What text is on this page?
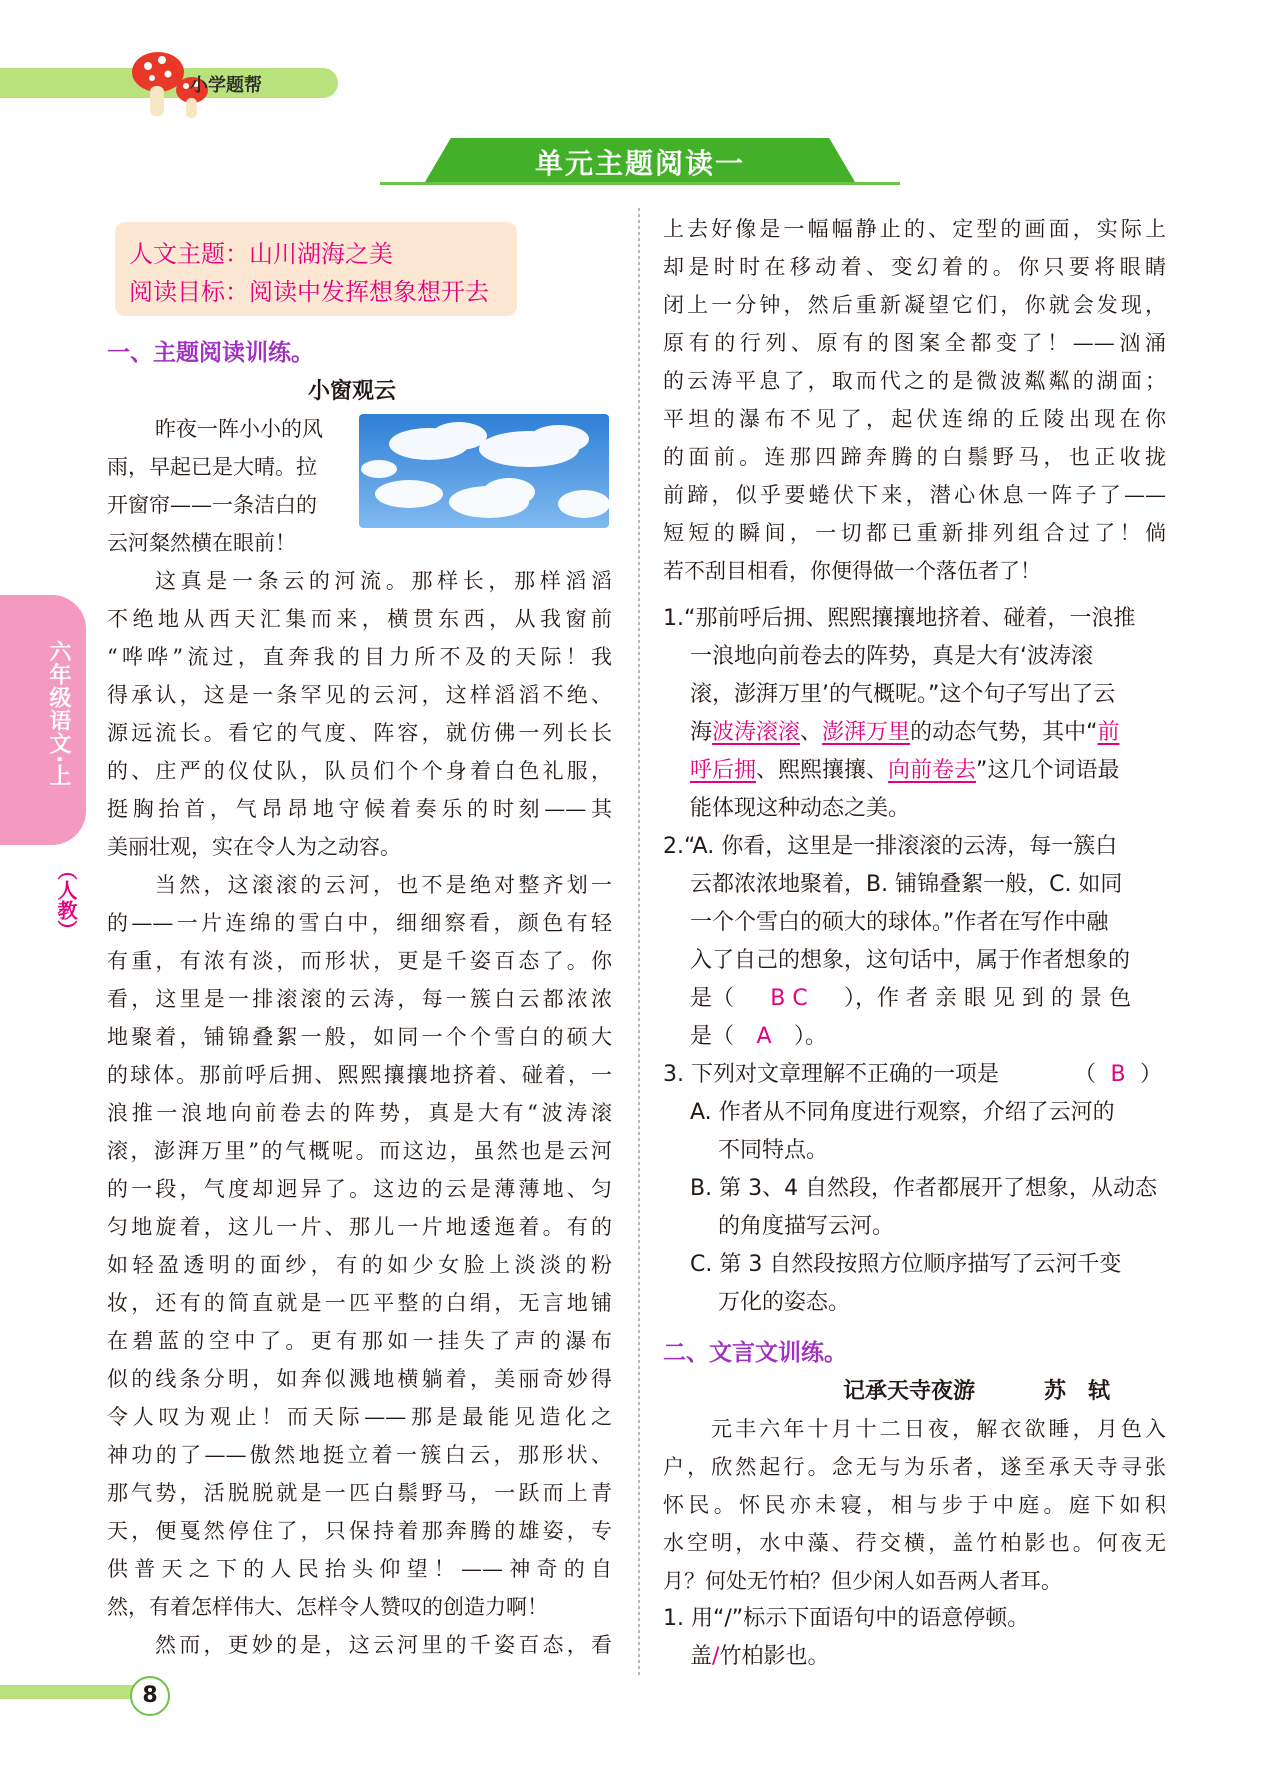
小学题帮
单元主题阅读一
六年级语文·上
（人教）
人文主题：山川湖海之美
阅读目标：阅读中发挥想象想开去
一、主题阅读训练。
小窗观云
昨夜一阵小小的风
雨，早起已是大晴。拉
开窗帘——一条洁白的
云河粲然横在眼前！
这真是一条云的河流。那样长，那样滔滔
不绝地从西天汇集而来，横贯东西，从我窗前
“哗哗”流过，直奔我的目力所不及的天际！我
得承认，这是一条罕见的云河，这样滔滔不绝、
源远流长。看它的气度、阵容，就仿佛一列长长
的、庄严的仪仗队，队员们个个身着白色礼服，
挺胸抬首，气昂昂地守候着奏乐的时刻——其
美丽壮观，实在令人为之动容。
当然，这滚滚的云河，也不是绝对整齐划一
的——一片连绵的雪白中，细细察看，颜色有轻
有重，有浓有淡，而形状，更是千姿百态了。你
看，这里是一排滚滚的云涛，每一簇白云都浓浓
地聚着，铺锦叠絮一般，如同一个个雪白的硕大
的球体。那前呼后拥、熙熙攘攘地挤着、碰着，一
浪推一浪地向前卷去的阵势，真是大有“波涛滚
滚，澎湃万里”的气概呢。而这边，虽然也是云河
的一段，气度却迥异了。这边的云是薄薄地、匀
匀地旋着，这儿一片、那儿一片地逶迤着。有的
如轻盈透明的面纱，有的如少女脸上淡淡的粉
妆，还有的简直就是一匹平整的白绢，无言地铺
在碧蓝的空中了。更有那如一挂失了声的瀑布
似的线条分明，如奔似溅地横躺着，美丽奇妙得
令人叹为观止！而天际——那是最能见造化之
神功的了——傲然地挺立着一簇白云，那形状、
那气势，活脱脱就是一匹白鬃野马，一跃而上青
天，便戛然停住了，只保持着那奔腾的雄姿，专
供普天之下的人民抬头仰望！——神奇的自
然，有着怎样伟大、怎样令人赞叹的创造力啊！
然而，更妙的是，这云河里的千姿百态，看
上去好像是一幅幅静止的、定型的画面，实际上
却是时时在移动着、变幻着的。你只要将眼睛
闭上一分钟，然后重新凝望它们，你就会发现，
原有的行列、原有的图案全都变了！——汹涌
的云涛平息了，取而代之的是微波粼粼的湖面；
平坦的瀑布不见了，起伏连绵的丘陵出现在你
的面前。连那四蹄奔腾的白鬃野马，也正收拢
前蹄，似乎要蜷伏下来，潜心休息一阵子了——
短短的瞬间，一切都已重新排列组合过了！倘
若不刮目相看，你便得做一个落伍者了！
1.“那前呼后拥、熙熙攘攘地挤着、碰着，一浪推
一浪地向前卷去的阵势，真是大有‘波涛滚
滚，澎湃万里’的气概呢。”这个句子写出了云
海波涛滚滚、澎湃万里的动态气势，其中“前
呼后拥、熙熙攘攘、向前卷去”这几个词语最
能体现这种动态之美。
2.“A. 你看，这里是一排滚滚的云涛，每一簇白
云都浓浓地聚着，B. 铺锦叠絮一般，C. 如同
一个个雪白的硕大的球体。”作者在写作中融
入了自己的想象，这句话中，属于作者想象的
是（ B C ），作 者 亲 眼 见 到 的 景 色
是（ A ）。
3. 下列对文章理解不正确的一项是	（ B ）
A. 作者从不同角度进行观察，介绍了云河的
不同特点。
B. 第 3、4 自然段，作者都展开了想象，从动态
的角度描写云河。
C. 第 3 自然段按照方位顺序描写了云河千变
万化的姿态。
二、文言文训练。
记承天寺夜游	苏　轼
元丰六年十月十二日夜，解衣欲睡，月色入
户，欣然起行。念无与为乐者，遂至承天寺寻张
怀民。怀民亦未寝，相与步于中庭。庭下如积
水空明，水中藻、荇交横，盖竹柏影也。何夜无
月？何处无竹柏？但少闲人如吾两人者耳。
1. 用“/”标示下面语句中的语意停顿。
盖/竹柏影也。
8
